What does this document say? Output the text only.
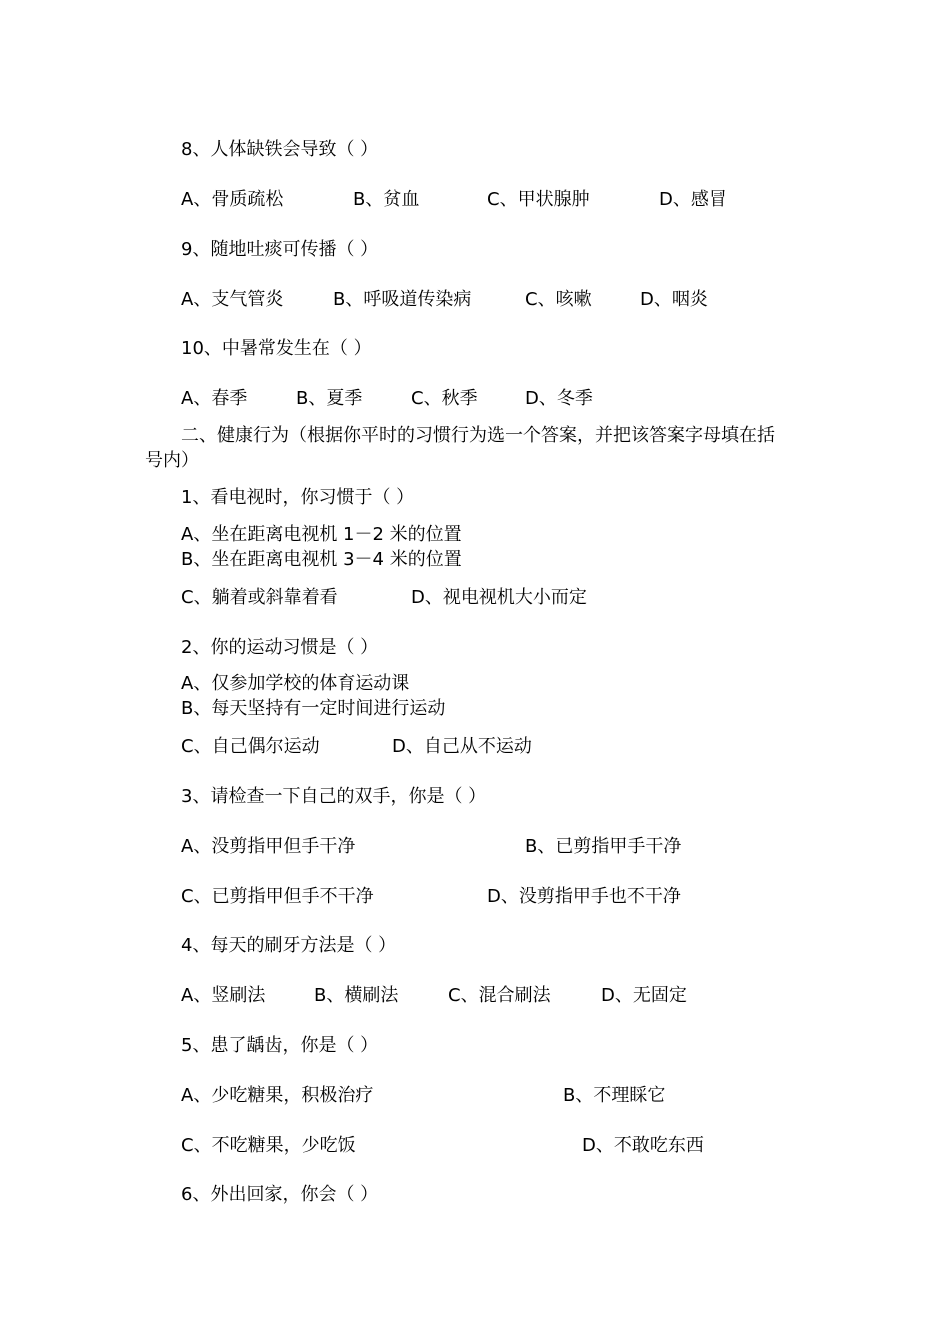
8、人体缺铁会导致（ ）
A、骨质疏松	B、贫血	C、甲状腺肿	D、感冒
9、随地吐痰可传播（ ）
A、支气管炎	B、呼吸道传染病	C、咳嗽	D、咽炎
10、中暑常发生在（ ）
A、春季	B、夏季	C、秋季	D、冬季
二、健康行为（根据你平时的习惯行为选一个答案，并把该答案字母填在括
号内）
1、看电视时，你习惯于（ ）
A、坐在距离电视机 1－2 米的位置
B、坐在距离电视机 3－4 米的位置
C、躺着或斜靠着看	D、视电视机大小而定
2、你的运动习惯是（ ）
A、仅参加学校的体育运动课
B、每天坚持有一定时间进行运动
C、自己偶尔运动	D、自己从不运动
3、请检查一下自己的双手，你是（ ）
A、没剪指甲但手干净	B、已剪指甲手干净
C、已剪指甲但手不干净	D、没剪指甲手也不干净
4、每天的刷牙方法是（ ）
A、竖刷法	B、横刷法	C、混合刷法	D、无固定
5、患了龋齿，你是（ ）
A、少吃糖果，积极治疗	B、不理睬它
C、不吃糖果，少吃饭	D、不敢吃东西
6、外出回家，你会（ ）
